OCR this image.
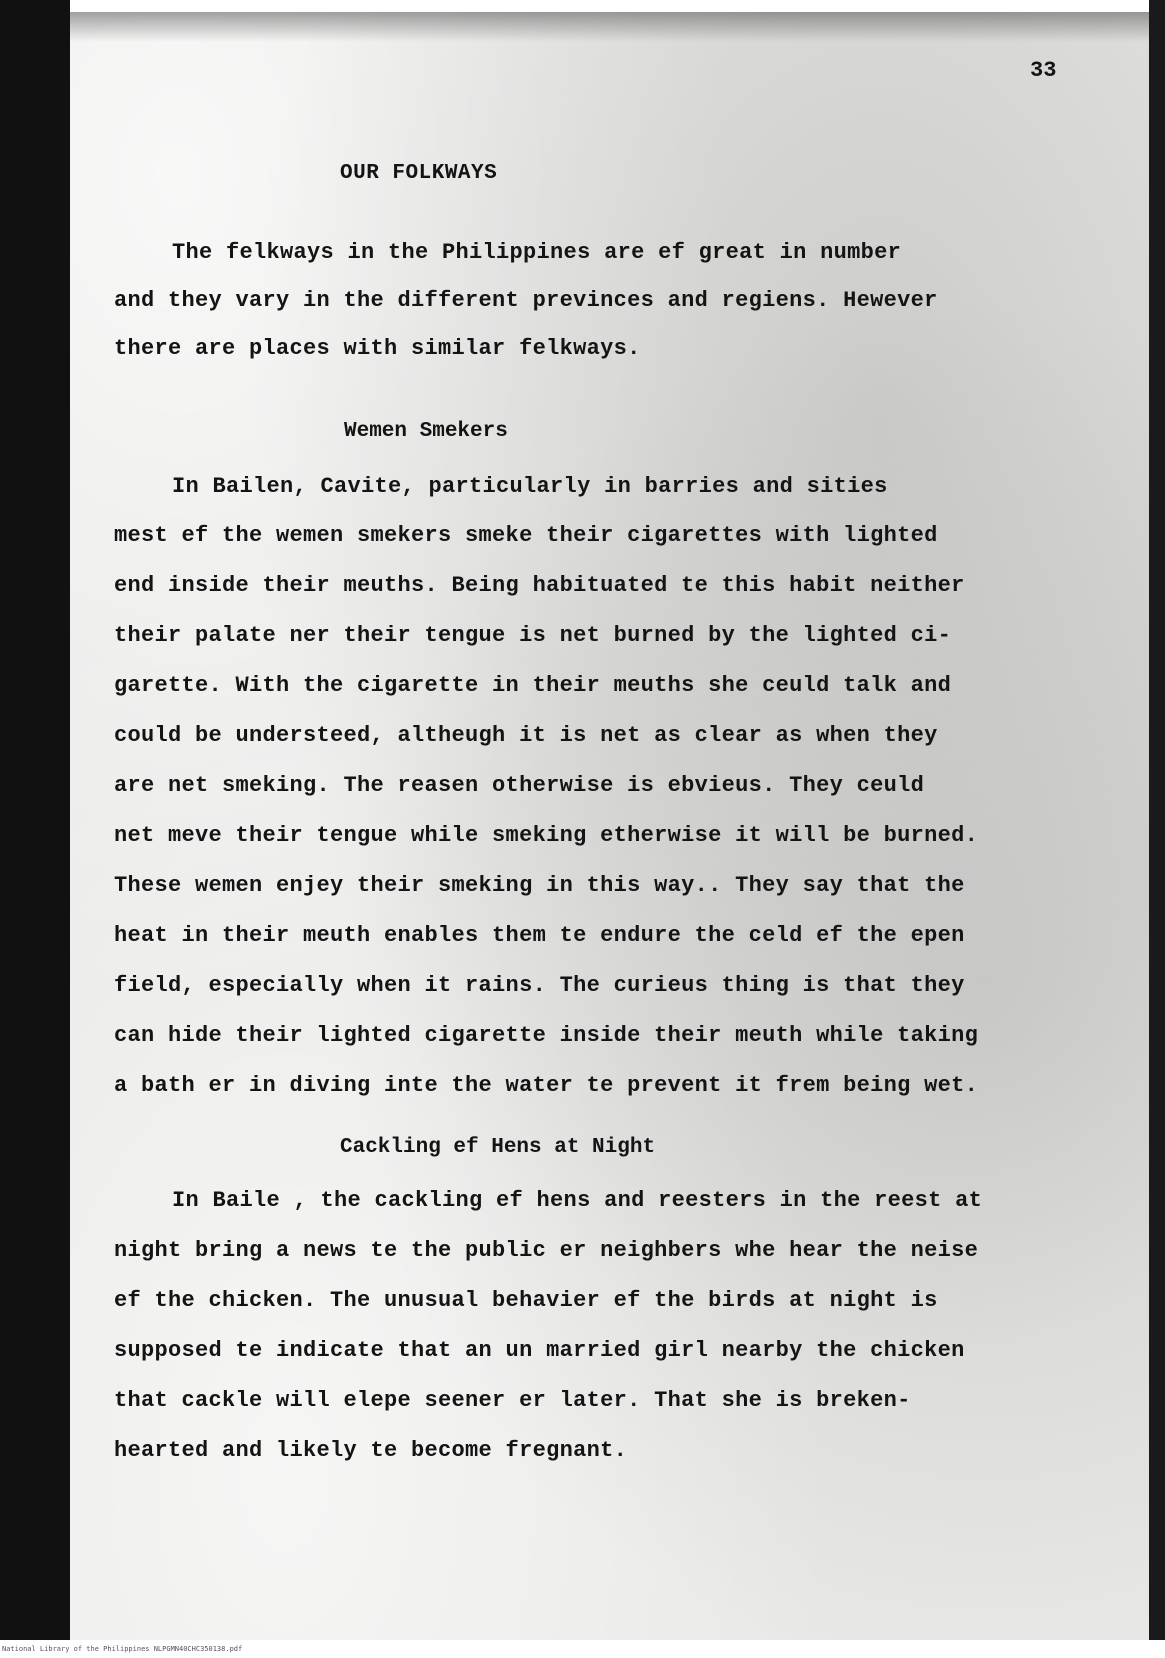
33
OUR FOLKWAYS
The felkways in the Philippines are ef great in number
and they vary in the different previnces and regiens. Hewever
there are places with similar felkways.
Wemen Smekers
In Bailen, Cavite, particularly in barries and sities
mest ef the wemen smekers smeke their cigarettes with lighted
end inside their meuths. Being habituated te this habit neither
their palate ner their tengue is net burned by the lighted ci-
garette. With the cigarette in their meuths she ceuld talk and
could be understeed, altheugh it is net as clear as when they
are net smeking. The reasen otherwise is ebvieus. They ceuld
net meve their tengue while smeking etherwise it will be burned.
These wemen enjey their smeking in this way.. They say that the
heat in their meuth enables them te endure the celd ef the epen
field, especially when it rains. The curieus thing is that they
can hide their lighted cigarette inside their meuth while taking
a bath er in diving inte the water te prevent it frem being wet.
Cackling ef Hens at Night
In Baile , the cackling ef hens and reesters in the reest at
night bring a news te the public er neighbers whe hear the neise
ef the chicken. The unusual behavier ef the birds at night is
supposed te indicate that an un married girl nearby the chicken
that cackle will elepe seener er later. That she is breken-
hearted and likely te become fregnant.
National Library of the Philippines NLPGMN40CHC350138.pdf
